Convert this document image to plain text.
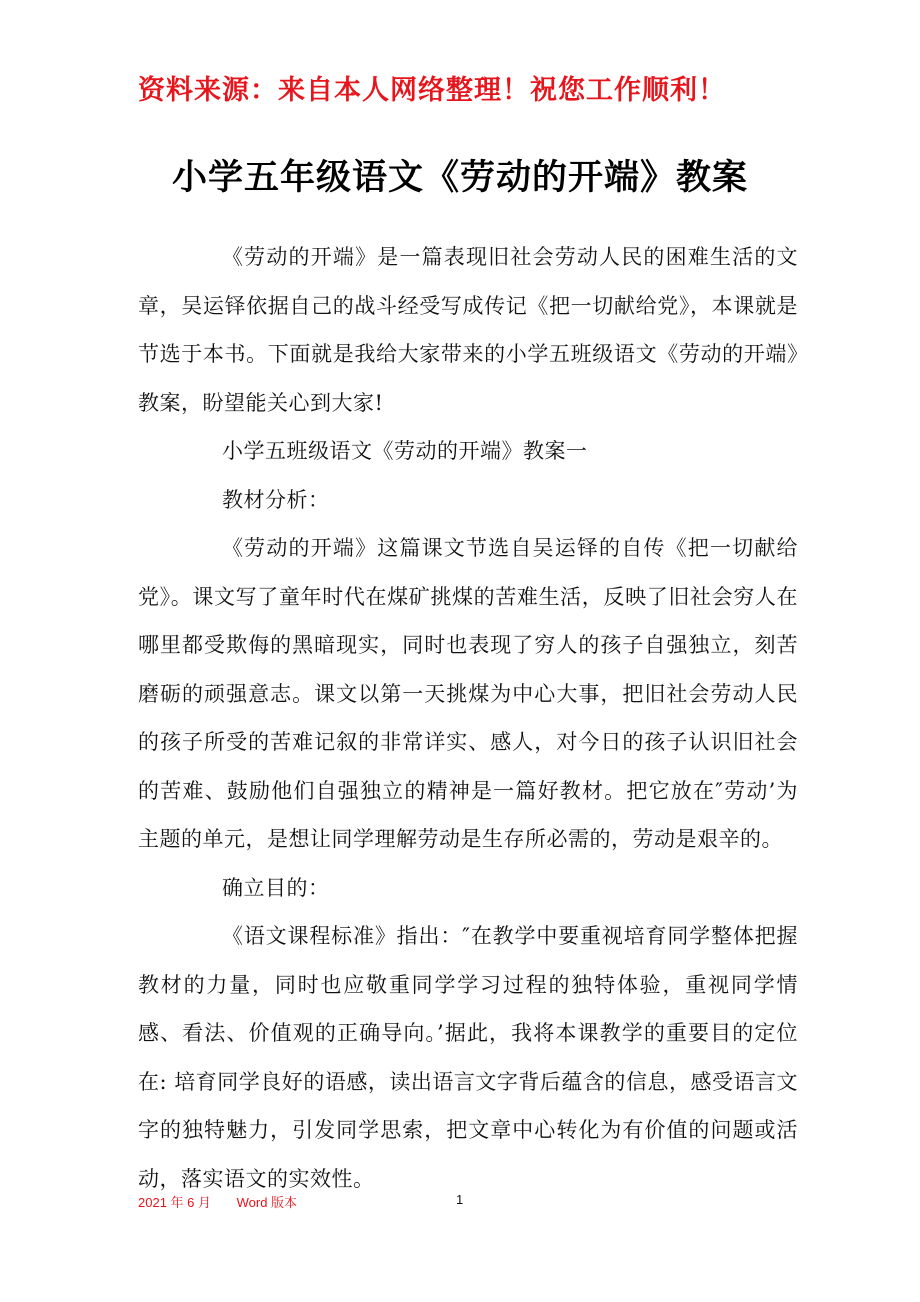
资料来源：来自本人网络整理！祝您工作顺利！
小学五年级语文《劳动的开端》教案

《劳动的开端》是一篇表现旧社会劳动人民的困难生活的文章，吴运铎依据自己的战斗经受写成传记《把一切献给党》，本课就是节选于本书。下面就是我给大家带来的小学五班级语文《劳动的开端》教案，盼望能关心到大家!

小学五班级语文《劳动的开端》教案一

教材分析：

《劳动的开端》这篇课文节选自吴运铎的自传《把一切献给党》。课文写了童年时代在煤矿挑煤的苦难生活，反映了旧社会穷人在哪里都受欺侮的黑暗现实，同时也表现了穷人的孩子自强独立，刻苦磨砺的顽强意志。课文以第一天挑煤为中心大事，把旧社会劳动人民的孩子所受的苦难记叙的非常详实、感人，对今日的孩子认识旧社会的苦难、鼓励他们自强独立的精神是一篇好教材。把它放在″劳动’为主题的单元，是想让同学理解劳动是生存所必需的，劳动是艰辛的。

确立目的：

《语文课程标准》指出：″在教学中要重视培育同学整体把握教材的力量，同时也应敬重同学学习过程的独特体验，重视同学情感、看法、价值观的正确导向。’据此，我将本课教学的重要目的定位在: 培育同学良好的语感，读出语言文字背后蕴含的信息，感受语言文字的独特魅力，引发同学思索，把文章中心转化为有价值的问题或活动，落实语文的实效性。

2021 年 6 月 Word 版本	1
